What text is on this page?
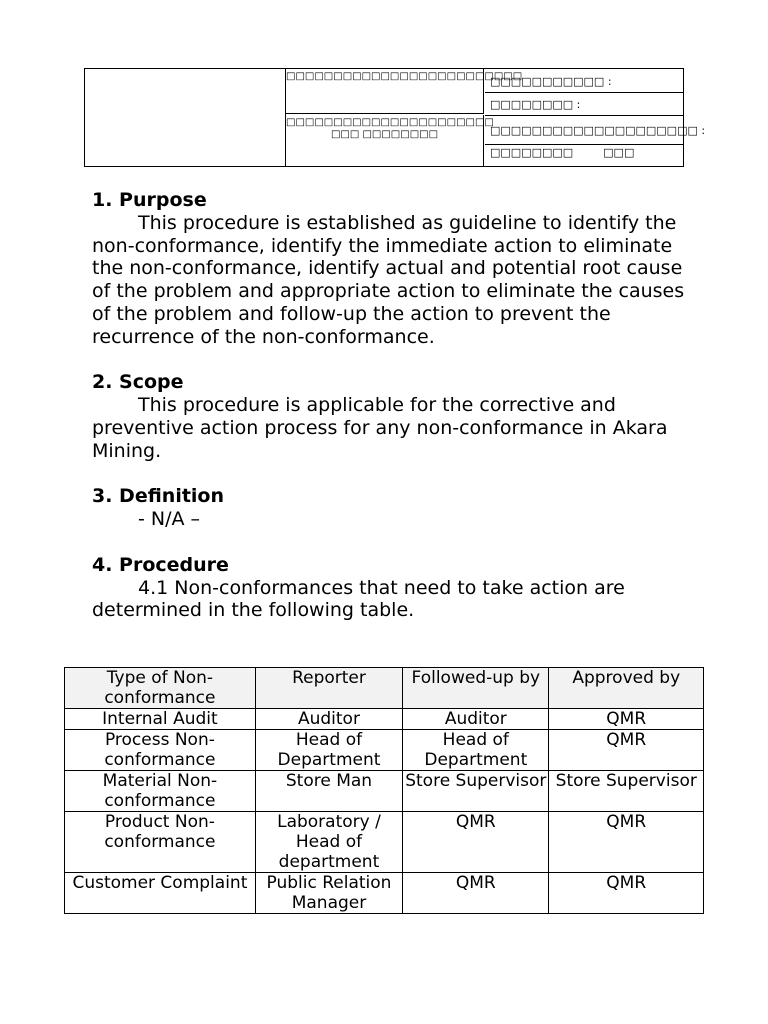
□□□□□□□□□□□□□□□□□□□□□□□□□
□□□□□□□□□□□□□□□□□□□□□□ □□□ □□□□□□□□
□□□□□□□□□□□ :
□□□□□□□□ :
□□□□□□□□□□□□□□□□□□□□ :
□□□□□□□□	□□□
1. Purpose

This procedure is established as guideline to identify the non-conformance, identify the immediate action to eliminate the non-conformance, identify actual and potential root cause of the problem and appropriate action to eliminate the causes of the problem and follow-up the action to prevent the recurrence of the non-conformance.

2. Scope

This procedure is applicable for the corrective and preventive action process for any non-conformance in Akara Mining.

3. Definition

- N/A –

4. Procedure

4.1 Non-conformances that need to take action are determined in the following table.

Type of Non-conformance	Reporter	Followed-up by	Approved by
Internal Audit	Auditor	Auditor	QMR
Process Non-conformance	Head of Department	Head of Department	QMR
Material Non-conformance	Store Man	Store Supervisor	Store Supervisor
Product Non-conformance	Laboratory / Head of department	QMR	QMR
Customer Complaint	Public Relation Manager	QMR	QMR
